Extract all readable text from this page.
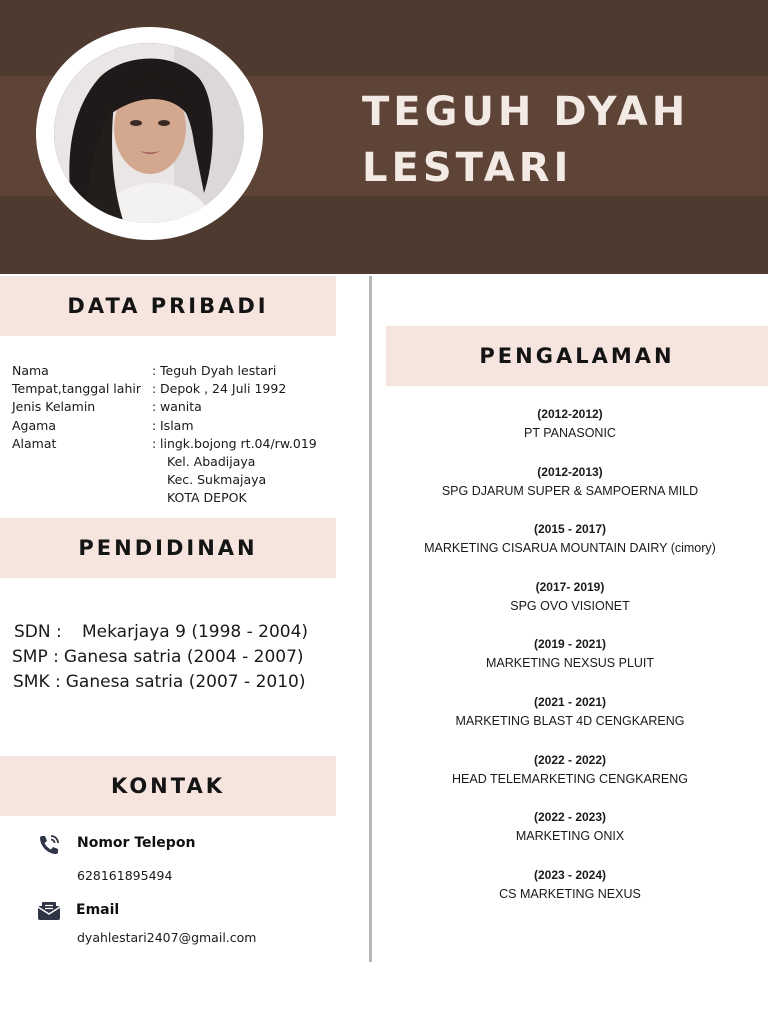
TEGUH DYAH
LESTARI
DATA PRIBADI
Nama	: Teguh Dyah lestari
Tempat,tanggal lahir : Depok , 24 Juli 1992
Jenis Kelamin	: wanita
Agama	: Islam
Alamat	: lingk.bojong rt.04/rw.019
Kel. Abadijaya
Kec. Sukmajaya
KOTA DEPOK
PENDIDINAN
SDN :	Mekarjaya 9 (1998 - 2004)
SMP : Ganesa satria (2004 - 2007)
SMK : Ganesa satria (2007 - 2010)
KONTAK
Nomor Telepon
628161895494
Email
dyahlestari2407@gmail.com
PENGALAMAN
(2012-2012)
PT PANASONIC
(2012-2013)
SPG DJARUM SUPER & SAMPOERNA MILD
(2015 - 2017)
MARKETING CISARUA MOUNTAIN DAIRY (cimory)
(2017- 2019)
SPG OVO VISIONET
(2019 - 2021)
MARKETING NEXSUS PLUIT
(2021 - 2021)
MARKETING BLAST 4D CENGKARENG
(2022 - 2022)
HEAD TELEMARKETING CENGKARENG
(2022 - 2023)
MARKETING ONIX
(2023 - 2024)
CS MARKETING NEXUS
